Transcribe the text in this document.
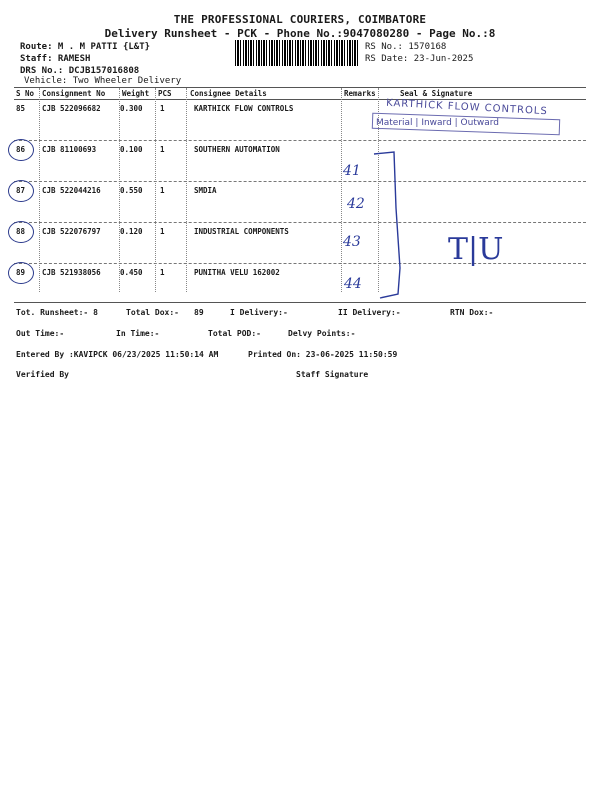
THE PROFESSIONAL COURIERS, COIMBATORE
Delivery Runsheet - PCK - Phone No.:9047080280 - Page No.:8
Route: M . M PATTI {L&T}
Staff: RAMESH
DRS No.: DCJB157016808
Vehicle: Two Wheeler Delivery
RS No.: 1570168
RS Date: 23-Jun-2025
S No Consignment No Weight PCS Consignee Details	Remarks	Seal & Signature
85 CJB 522096682	0.300 1	KARTHICK FLOW CONTROLS
86 CJB 81100693	0.100 1	SOUTHERN AUTOMATION
87 CJB 522044216	0.550 1	SMDIA
88 CJB 522076797	0.120 1	INDUSTRIAL COMPONENTS
89 CJB 521938056	0.450 1	PUNITHA VELU 162002
KARTHICK FLOW CONTROLS
Material | Inward | Outward
41
42
43
44
T|U
Tot. Runsheet:- 8	Total Dox:- 89	I Delivery:-	II Delivery:-	RTN Dox:-
Out Time:-	In Time:-	Total POD:-	Delvy Points:-
Entered By :KAVIPCK 06/23/2025 11:50:14 AM	Printed On: 23-06-2025 11:50:59
Verified By	Staff Signature
